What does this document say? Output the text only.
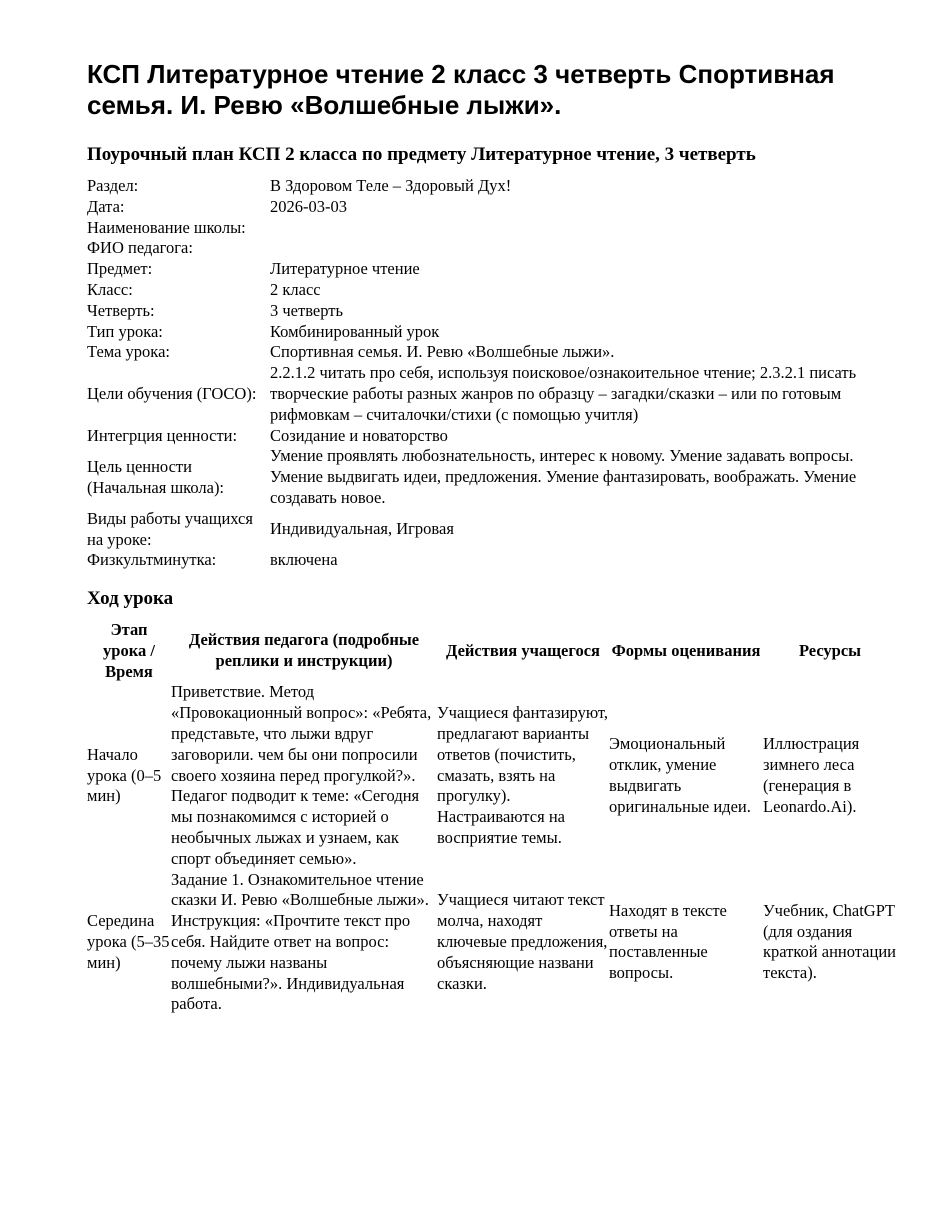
КСП Литературное чтение 2 класс 3 четверть Спортивная семья. И. Ревю «Волшебные лыжи».
Поурочный план КСП 2 класса по предмету Литературное чтение, 3 четверть
Раздел:	В Здоровом Теле – Здоровый Дух!
Дата:	2026-03-03
Наименование школы:	
ФИО педагога:	
Предмет:	Литературное чтение
Класс:	2 класс
Четверть:	3 четверть
Тип урока:	Комбинированный урок
Тема урока:	Спортивная семья. И. Ревю «Волшебные лыжи».
Цели обучения (ГОСО):	2.2.1.2 читать про себя, используя поисковое/ознакоительное чтение; 2.3.2.1 писать творческие работы разных жанров по образцу – загадки/сказки – или по готовым рифмовкам – считалочки/стихи (с помощью учитля)
Интегрция ценности:	Созидание и новаторство
Цель ценности (Начальная школа):	Умение проявлять любознательность, интерес к новому. Умение задавать вопросы. Умение выдвигать идеи, предложения. Умение фантазировать, воображать. Умение создавать новое.
Виды работы учащихся на уроке:	Индивидуальная, Игровая
Физкультминутка:	включена
Ход урока
Этап урока / Время	Действия педагога (подробные реплики и инструкции)	Действия учащегося	Формы оценивания	Ресурсы
Начало урока (0–5 мин)	Приветствие. Метод «Провокационный вопрос»: «Ребята, представьте, что лыжи вдруг заговорили. чем бы они попросили своего хозяина перед прогулкой?». Педагог подводит к теме: «Сегодня мы познакомимся с историей о необычных лыжах и узнаем, как спорт объединяет семью».	Учащиеся фантазируют, предлагают варианты ответов (почистить, смазать, взять на прогулку). Настраиваются на восприятие темы.	Эмоциональный отклик, умение выдвигать оригинальные идеи.	Иллюстрация зимнего леса (генерация в Leonardo.Ai).
Середина урока (5–35 мин)	Задание 1. Ознакомительное чтение сказки И. Ревю «Волшебные лыжи». Инструкция: «Прочтите текст про себя. Найдите ответ на вопрос: почему лыжи названы волшебными?». Индивидуальная работа.	Учащиеся читают текст молча, находят ключевые предложения, объясняющие названи сказки.	Находят в тексте ответы на поставленные вопросы.	Учебник, ChatGPT (для оздания краткой аннотации текста).
